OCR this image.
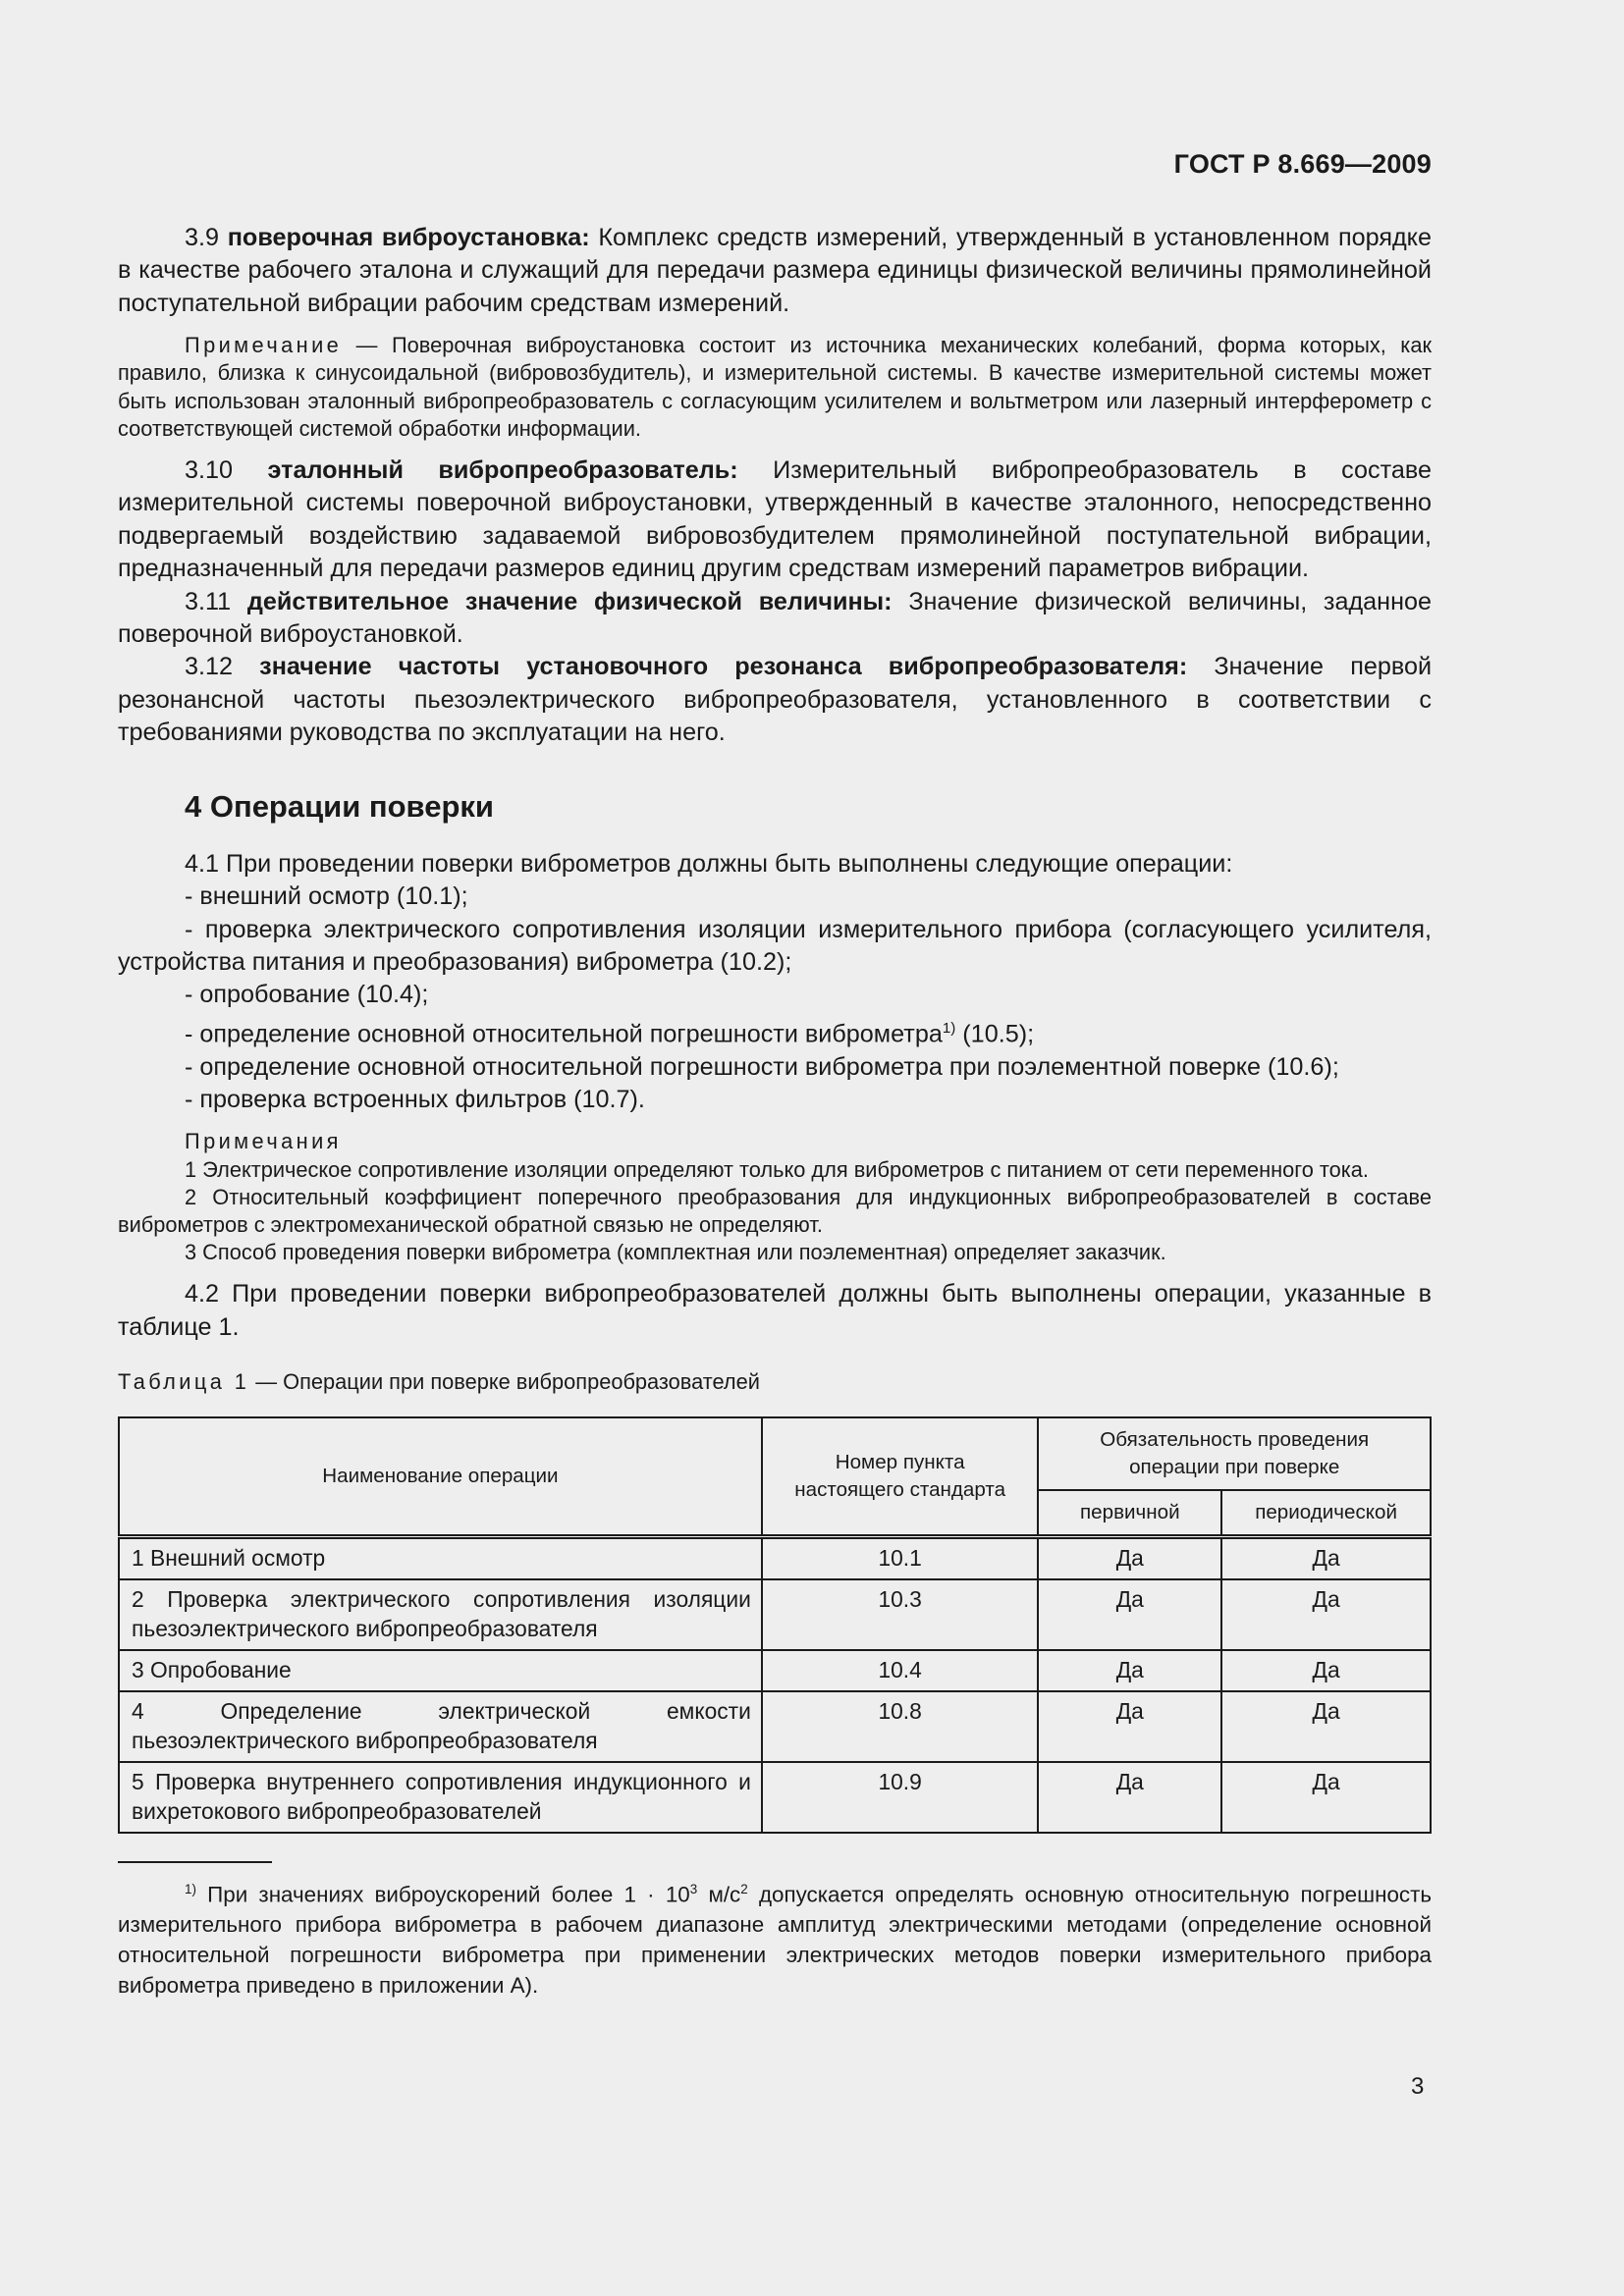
ГОСТ Р 8.669—2009

3.9 поверочная виброустановка: Комплекс средств измерений, утвержденный в установленном порядке в качестве рабочего эталона и служащий для передачи размера единицы физической величины прямолинейной поступательной вибрации рабочим средствам измерений.

Примечание — Поверочная виброустановка состоит из источника механических колебаний, форма которых, как правило, близка к синусоидальной (вибровозбудитель), и измерительной системы. В качестве измерительной системы может быть использован эталонный вибропреобразователь с согласующим усилителем и вольтметром или лазерный интерферометр с соответствующей системой обработки информации.

3.10 эталонный вибропреобразователь: Измерительный вибропреобразователь в составе измерительной системы поверочной виброустановки, утвержденный в качестве эталонного, непосредственно подвергаемый воздействию задаваемой вибровозбудителем прямолинейной поступательной вибрации, предназначенный для передачи размеров единиц другим средствам измерений параметров вибрации.

3.11 действительное значение физической величины: Значение физической величины, заданное поверочной виброустановкой.

3.12 значение частоты установочного резонанса вибропреобразователя: Значение первой резонансной частоты пьезоэлектрического вибропреобразователя, установленного в соответствии с требованиями руководства по эксплуатации на него.

4 Операции поверки

4.1 При проведении поверки виброметров должны быть выполнены следующие операции:

- внешний осмотр (10.1);

- проверка электрического сопротивления изоляции измерительного прибора (согласующего усилителя, устройства питания и преобразования) виброметра (10.2);

- опробование (10.4);

- определение основной относительной погрешности виброметра$^{1)}$ (10.5);

- определение основной относительной погрешности виброметра при поэлементной поверке (10.6);

- проверка встроенных фильтров (10.7).

Примечания

1 Электрическое сопротивление изоляции определяют только для виброметров с питанием от сети переменного тока.

2 Относительный коэффициент поперечного преобразования для индукционных вибропреобразователей в составе виброметров с электромеханической обратной связью не определяют.

3 Способ проведения поверки виброметра (комплектная или поэлементная) определяет заказчик.

4.2 При проведении поверки вибропреобразователей должны быть выполнены операции, указанные в таблице 1.

Таблица 1 — Операции при поверке вибропреобразователей
Наименование операции	Номер пункта настоящего стандарта	Обязательность проведения операции при поверке	
		первичной	периодической
1 Внешний осмотр	10.1	Да	Да
2 Проверка электрического сопротивления изоляции пьезоэлектрического вибропреобразователя	10.3	Да	Да
3 Опробование	10.4	Да	Да
4 Определение электрической емкости пьезоэлектрического вибропреобразователя	10.8	Да	Да
5 Проверка внутреннего сопротивления индукционного и вихретокового вибропреобразователей	10.9	Да	Да

$^{1)}$ При значениях виброускорений более $1 \cdot 10^3$ $м/с^2$ допускается определять основную относительную погрешность измерительного прибора виброметра в рабочем диапазоне амплитуд электрическими методами (определение основной относительной погрешности виброметра при применении электрических методов поверки измерительного прибора виброметра приведено в приложении А).

3
